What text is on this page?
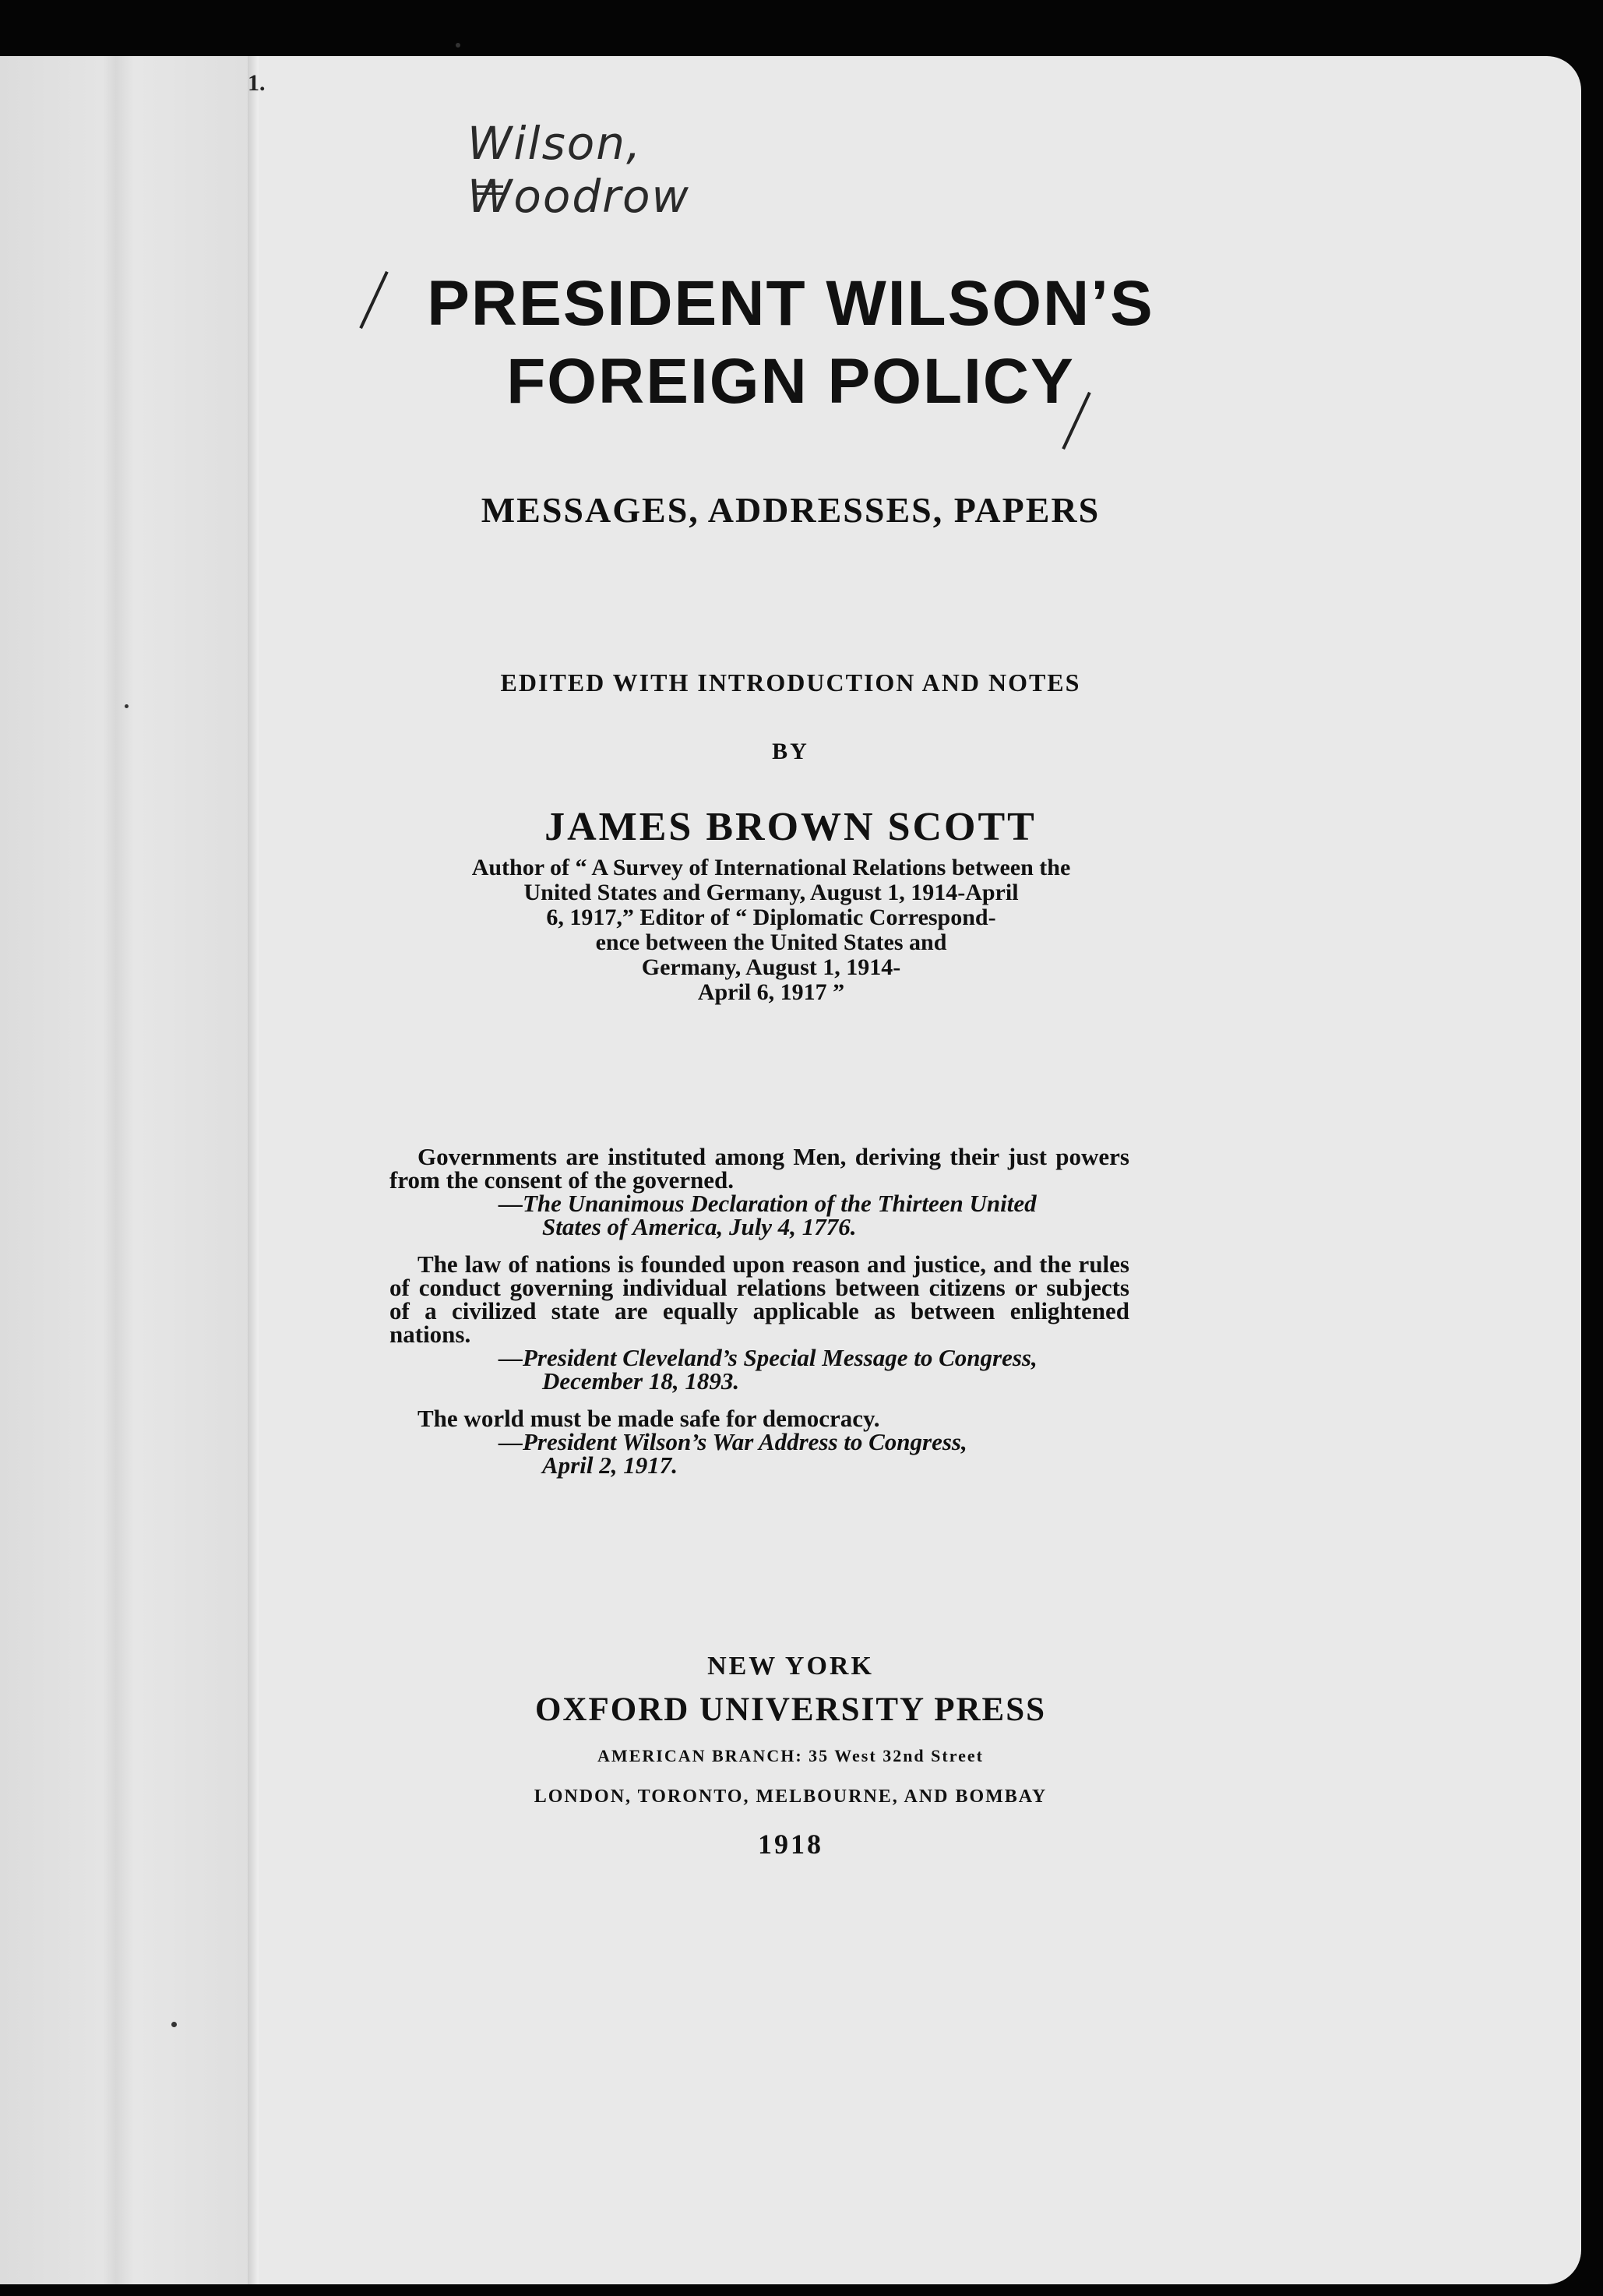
1.
Wilson, Woodrow
PRESIDENT WILSON’S
FOREIGN POLICY
MESSAGES, ADDRESSES, PAPERS
EDITED WITH INTRODUCTION AND NOTES
BY
JAMES BROWN SCOTT
Author of “ A Survey of International Relations between the
United States and Germany, August 1, 1914-April
6, 1917,” Editor of “ Diplomatic Correspond-
ence between the United States and
Germany, August 1, 1914-
April 6, 1917 ”
Governments are instituted among Men, deriving their just powers from the consent of the governed.
—The Unanimous Declaration of the Thirteen United
States of America, July 4, 1776.
The law of nations is founded upon reason and justice, and the rules of conduct governing individual relations between citizens or subjects of a civilized state are equally applicable as between enlightened nations.
—President Cleveland’s Special Message to Congress,
December 18, 1893.
The world must be made safe for democracy.
—President Wilson’s War Address to Congress,
April 2, 1917.
NEW YORK
OXFORD UNIVERSITY PRESS
AMERICAN BRANCH: 35 West 32nd Street
LONDON, TORONTO, MELBOURNE, AND BOMBAY
1918
